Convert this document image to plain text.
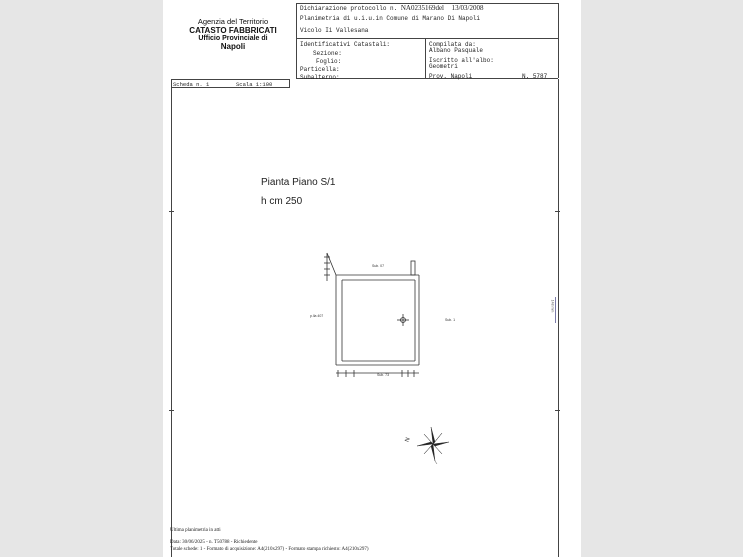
Agenzia del Territorio
CATASTO FABBRICATI
Ufficio Provinciale di
Napoli
Dichiarazione protocollo n. NA0235169del 13/03/2008
Planimetria di u.i.u.in Comune di Marano Di Napoli
Vicolo Ii Vallesana
Identificativi Catastali:
Sezione:
Foglio:
Particella:
Subalterno:
Compilata da:
Albano Pasquale
Iscritto all'albo:
Geometri
Prov. Napoli	N. 5787
Scheda n. 1	Scala 1:100
Pianta Piano S/1
h cm 250
Sub. 07
p.lla 407
Sub. 1
Sub. 73
148 mm
N
Ultima planimetria in atti
Data: 30/06/2025 - n. T50788 - Richiedente
Totale schede: 1 - Formato di acquisizione: A4(210x297) - Formato stampa richiesto: A4(210x297)
